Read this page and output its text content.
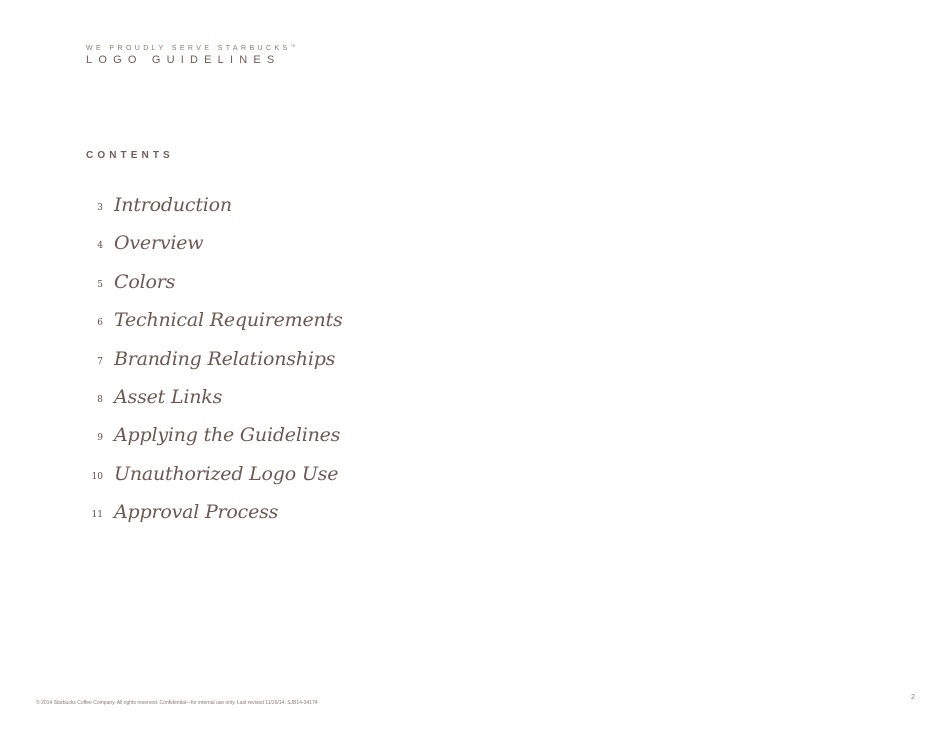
WE PROUDLY SERVE STARBUCKS™
LOGO GUIDELINES
CONTENTS
3 Introduction
4 Overview
5 Colors
6 Technical Requirements
7 Branding Relationships
8 Asset Links
9 Applying the Guidelines
10 Unauthorized Logo Use
11 Approval Process
© 2014 Starbucks Coffee Company. All rights reserved. Confidential—for internal use only. Last revised 11/26/14. SJB14-34174
2
